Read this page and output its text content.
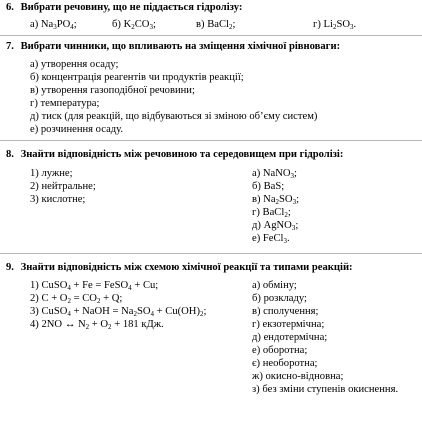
6. Вибрати речовину, що не піддається гідролізу:
а) $Na_3PO_4$;	б) $K_2CO_3$;	в) BaCl$_2$;	г) $Li_2SO_3$.
7. Вибрати чинники, що впливають на зміщення хімічної рівноваги:
а) утворення осаду;
б) концентрація реагентів чи продуктів реакції;
в) утворення газоподібної речовини;
г) температура;
д) тиск (для реакцій, що відбуваються зі зміною об’єму систем)
е) розчинення осаду.
8. Знайти відповідність між речовиною та середовищем при гідролізі:
1) лужне;
2) нейтральне;
3) кислотне;
а) NaNO$_3$;
б) BaS;
в) $Na_2SO_3$;
г) BaCl$_2$;
д) AgNO$_3$;
е) FeCl$_3$.
9. Знайти відповідність між схемою хімічної реакції та типами реакцій:
1) CuSO$_4$ + Fe = FeSO$_4$ + Cu;
2) $C + O_2 = CO_2 + Q$;
3) CuSO$_4$ + NaOH = $Na_2SO_4 + Cu(OH)_2$;
4) 2NO ↔ $N_2 + O_2 + 181$ кДж.
а) обміну;
б) розкладу;
в) сполучення;
г) екзотермічна;
д) ендотермічна;
е) оборотна;
є) необоротна;
ж) окисно-відновна;
з) без зміни ступенів окиснення.
